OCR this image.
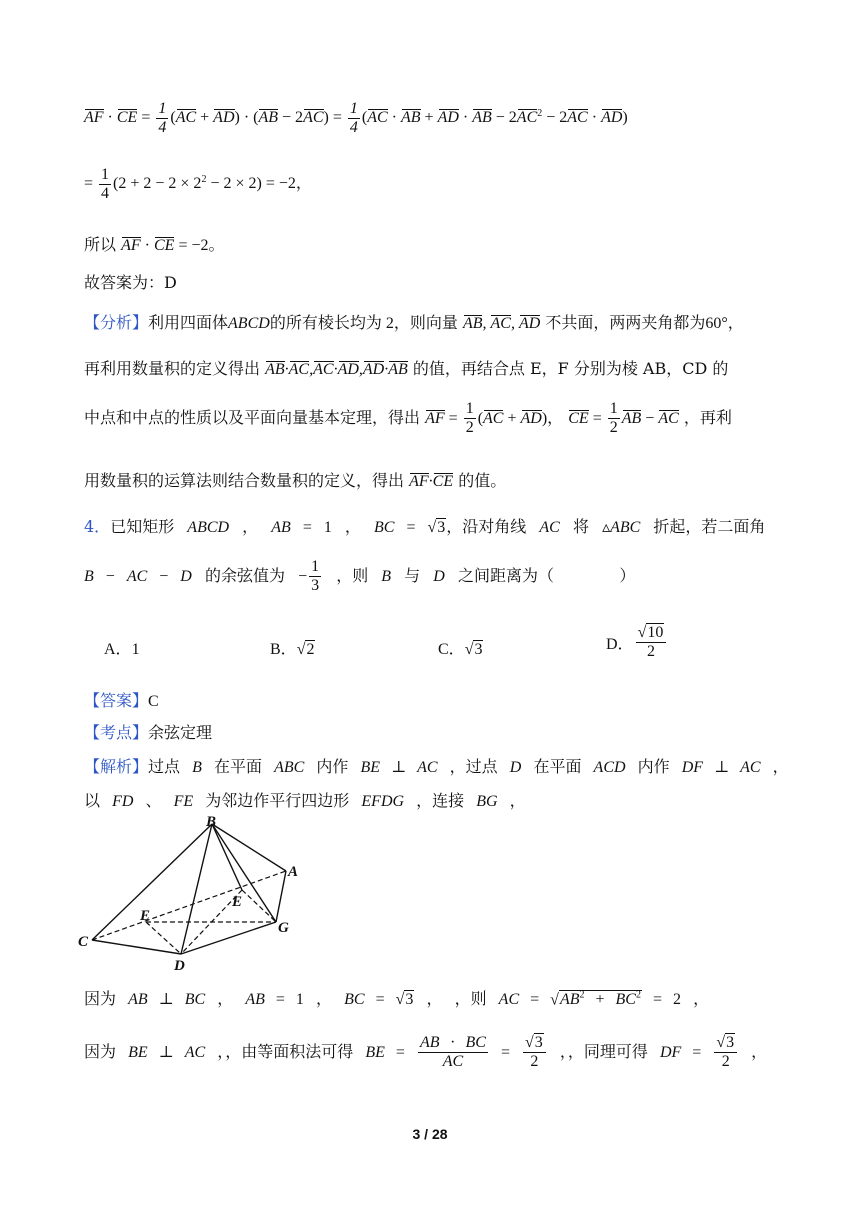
AF · CE = $\frac{1}{4} (AC + AD) \cdot (AB - 2AC) = \frac{1}{4} (AC$ · AB + AD · AB − $2AC^2 - 2AC \cdot AD$)
= $\frac{1}{4} (2 + 2 - 2 \times 2^2 - 2 \times 2) = -2$，
所以 AF · CE = −2。
故答案为：D
【分析】利用四面体ABCD的所有棱长均为 2，则向量 AB, AC, AD 不共面，两两夹角都为60°，
再利用数量积的定义得出 AB·AC,AC·AD,AD·AB 的值，再结合点 E，F 分别为棱 AB，CD 的
中点和中点的性质以及平面向量基本定理，得出 AF = $\frac{1}{2} (AC + AD)$， CE = $\frac{1}{2}$ AB − AC ，再利
用数量积的运算法则结合数量积的定义，得出 AF·CE 的值。
4．已知矩形 ABCD ， AB = 1 ， BC = √3，沿对角线 AC 将 ▵ABC 折起，若二面角
B − AC − D 的余弦值为 − $\frac{1}{3}$ ，则 B 与 D 之间距离为（	）
A．1	B．√2	C．√3	D． $\frac{√10}{2}$
【答案】C
【考点】余弦定理
【解析】过点 B 在平面 ABC 内作 BE ⊥ AC ，过点 D 在平面 ACD 内作 DF ⊥ AC ，
以 FD 、 FE 为邻边作平行四边形 EFDG ，连接 BG ，
B
A
E
E
G
C
D
因为 AB ⊥ BC ， AB = 1 ， BC = √3 ， ，则 AC = $√AB^2 + BC^2 = 2$ ，
因为 BE ⊥ AC ，，由等面积法可得 BE = $\frac{AB \cdot BC}{AC} = \frac{√3}{2}$ ，，同理可得 DF = $\frac{√3}{2}$ ，
3 / 28
